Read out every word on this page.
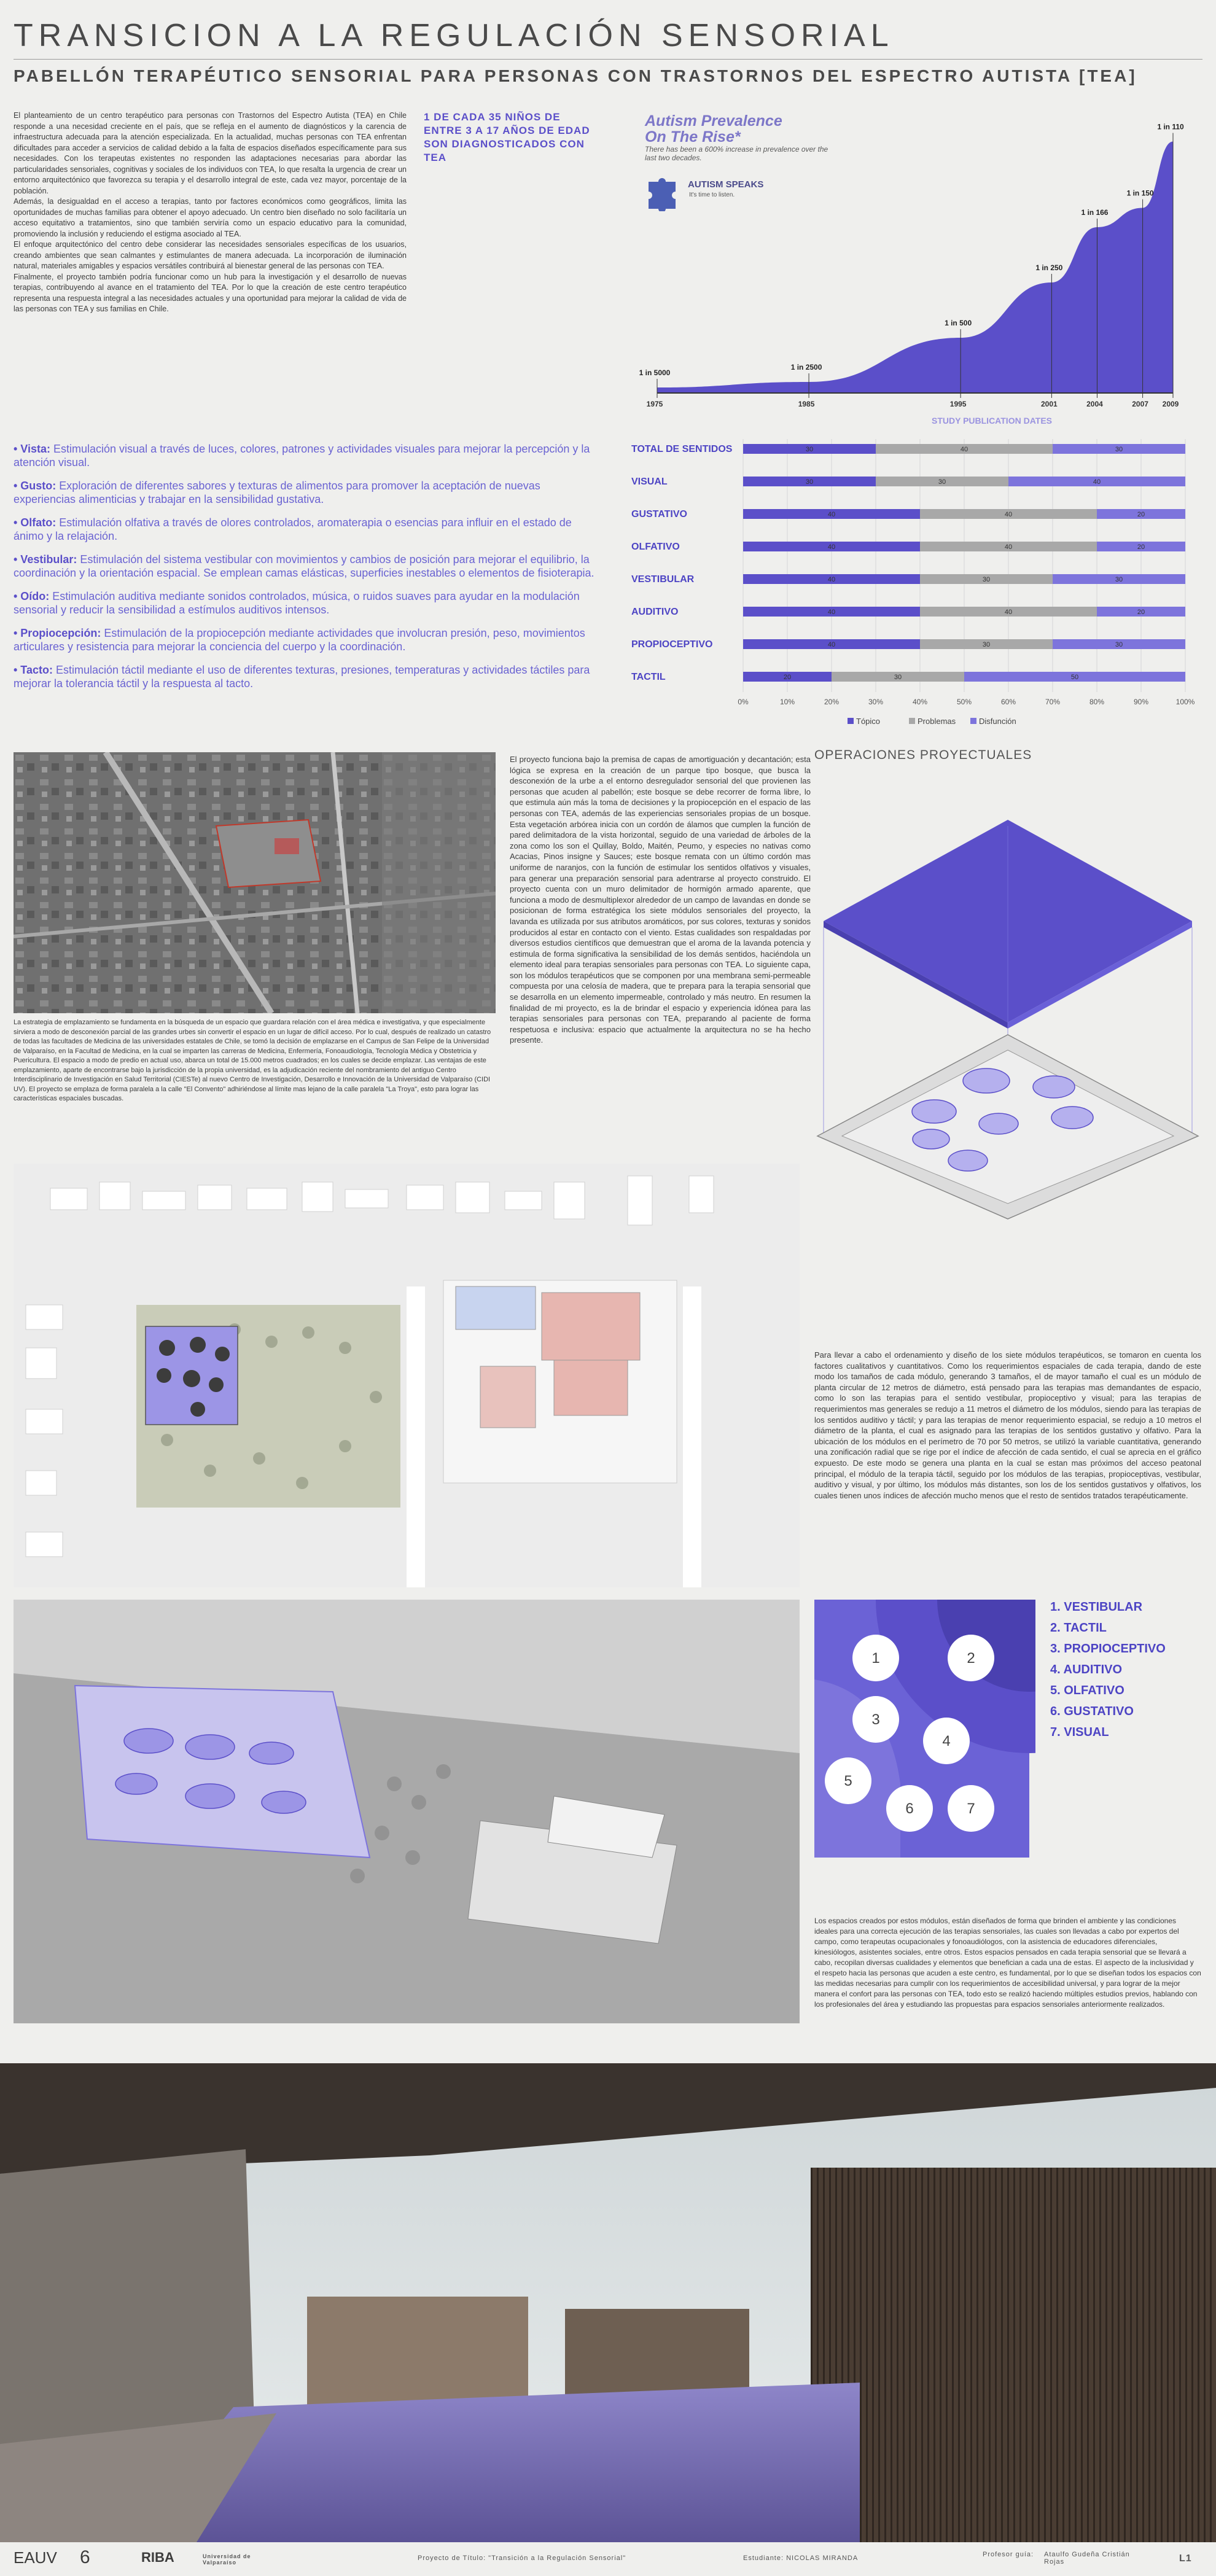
TRANSICION A LA REGULACIÓN SENSORIAL
PABELLÓN TERAPÉUTICO SENSORIAL PARA PERSONAS CON TRASTORNOS DEL ESPECTRO AUTISTA [TEA]

El planteamiento de un centro terapéutico para personas con Trastornos del Espectro Autista (TEA) en Chile responde a una necesidad creciente en el país, que se refleja en el aumento de diagnósticos y la carencia de infraestructura adecuada para la atención especializada. En la actualidad, muchas personas con TEA enfrentan dificultades para acceder a servicios de calidad debido a la falta de espacios diseñados específicamente para sus necesidades. Con los terapeutas existentes no responden las adaptaciones necesarias para abordar las particularidades sensoriales, cognitivas y sociales de los individuos con TEA, lo que resalta la urgencia de crear un entorno arquitectónico que favorezca su terapia y el desarrollo integral de este, cada vez mayor, porcentaje de la población.

Además, la desigualdad en el acceso a terapias, tanto por factores económicos como geográficos, limita las oportunidades de muchas familias para obtener el apoyo adecuado. Un centro bien diseñado no solo facilitaría un acceso equitativo a tratamientos, sino que también serviría como un espacio educativo para la comunidad, promoviendo la inclusión y reduciendo el estigma asociado al TEA.

El enfoque arquitectónico del centro debe considerar las necesidades sensoriales específicas de los usuarios, creando ambientes que sean calmantes y estimulantes de manera adecuada. La incorporación de iluminación natural, materiales amigables y espacios versátiles contribuirá al bienestar general de las personas con TEA.

Finalmente, el proyecto también podría funcionar como un hub para la investigación y el desarrollo de nuevas terapias, contribuyendo al avance en el tratamiento del TEA. Por lo que la creación de este centro terapéutico representa una respuesta integral a las necesidades actuales y una oportunidad para mejorar la calidad de vida de las personas con TEA y sus familias en Chile.

1 DE CADA 35 NIÑOS DE ENTRE 3 A 17 AÑOS DE EDAD SON DIAGNOSTICADOS CON TEA
Autism Prevalence
On The Rise*
There has been a 600% increase in prevalence over the last two decades.
AUTISM SPEAKS
It's time to listen.
1975
1 in 5000
1985
1 in 2500
1995
1 in 500
2001
1 in 250
2004
1 in 166
2007
1 in 150
2009
1 in 110
STUDY PUBLICATION DATES
• Vista: Estimulación visual a través de luces, colores, patrones y actividades visuales para mejorar la percepción y la atención visual.
• Gusto: Exploración de diferentes sabores y texturas de alimentos para promover la aceptación de nuevas experiencias alimenticias y trabajar en la sensibilidad gustativa.
• Olfato: Estimulación olfativa a través de olores controlados, aromaterapia o esencias para influir en el estado de ánimo y la relajación.
• Vestibular: Estimulación del sistema vestibular con movimientos y cambios de posición para mejorar el equilibrio, la coordinación y la orientación espacial. Se emplean camas elásticas, superficies inestables o elementos de fisioterapia.
• Oído: Estimulación auditiva mediante sonidos controlados, música, o ruidos suaves para ayudar en la modulación sensorial y reducir la sensibilidad a estímulos auditivos intensos.
• Propiocepción: Estimulación de la propiocepción mediante actividades que involucran presión, peso, movimientos articulares y resistencia para mejorar la conciencia del cuerpo y la coordinación.
• Tacto: Estimulación táctil mediante el uso de diferentes texturas, presiones, temperaturas y actividades táctiles para mejorar la tolerancia táctil y la respuesta al tacto.
0%	10%	20%	30%	40%	50%	60%	70%	80%	90%	100%
TOTAL DE SENTIDOS	30	40	30
VISUAL	30	30	40
GUSTATIVO	40	40	20
OLFATIVO	40	40	20
VESTIBULAR	40	30	30
AUDITIVO	40	40	20
PROPIOCEPTIVO	40	30	30
TACTIL	20	30	50
Tópico	Problemas	Disfunción
La estrategia de emplazamiento se fundamenta en la búsqueda de un espacio que guardara relación con el área médica e investigativa, y que especialmente sirviera a modo de desconexión parcial de las grandes urbes sin convertir el espacio en un lugar de difícil acceso. Por lo cual, después de realizado un catastro de todas las facultades de Medicina de las universidades estatales de Chile, se tomó la decisión de emplazarse en el Campus de San Felipe de la Universidad de Valparaíso, en la Facultad de Medicina, en la cual se imparten las carreras de Medicina, Enfermería, Fonoaudiología, Tecnología Médica y Obstetricia y Puericultura. El espacio a modo de predio en actual uso, abarca un total de 15.000 metros cuadrados; en los cuales se decide emplazar. Las ventajas de este emplazamiento, aparte de encontrarse bajo la jurisdicción de la propia universidad, es la adjudicación reciente del nombramiento del antiguo Centro Interdisciplinario de Investigación en Salud Territorial (CIESTe) al nuevo Centro de Investigación, Desarrollo e Innovación de la Universidad de Valparaíso (CIDI UV). El proyecto se emplaza de forma paralela a la calle "El Convento" adhiriéndose al límite mas lejano de la calle paralela "La Troya", esto para lograr las características espaciales buscadas.
El proyecto funciona bajo la premisa de capas de amortiguación y decantación; esta lógica se expresa en la creación de un parque tipo bosque, que busca la desconexión de la urbe a el entorno desregulador sensorial del que provienen las personas que acuden al pabellón; este bosque se debe recorrer de forma libre, lo que estimula aún más la toma de decisiones y la propiocepción en el espacio de las personas con TEA, además de las experiencias sensoriales propias de un bosque. Esta vegetación arbórea inicia con un cordón de álamos que cumplen la función de pared delimitadora de la vista horizontal, seguido de una variedad de árboles de la zona como los son el Quillay, Boldo, Maitén, Peumo, y especies no nativas como Acacias, Pinos insigne y Sauces; este bosque remata con un último cordón mas uniforme de naranjos, con la función de estimular los sentidos olfativos y visuales, para generar una preparación sensorial para adentrarse al proyecto construido. El proyecto cuenta con un muro delimitador de hormigón armado aparente, que funciona a modo de desmultiplexor alrededor de un campo de lavandas en donde se posicionan de forma estratégica los siete módulos sensoriales del proyecto, la lavanda es utilizada por sus atributos aromáticos, por sus colores, texturas y sonidos producidos al estar en contacto con el viento. Estas cualidades son respaldadas por diversos estudios científicos que demuestran que el aroma de la lavanda potencia y estimula de forma significativa la sensibilidad de los demás sentidos, haciéndola un elemento ideal para terapias sensoriales para personas con TEA. Lo siguiente capa, son los módulos terapéuticos que se componen por una membrana semi-permeable compuesta por una celosía de madera, que te prepara para la terapia sensorial que se desarrolla en un elemento impermeable, controlado y más neutro. En resumen la finalidad de mi proyecto, es la de brindar el espacio y experiencia idónea para las terapias sensoriales para personas con TEA, preparando al paciente de forma respetuosa e inclusiva: espacio que actualmente la arquitectura no se ha hecho presente.
OPERACIONES PROYECTUALES
Para llevar a cabo el ordenamiento y diseño de los siete módulos terapéuticos, se tomaron en cuenta los factores cualitativos y cuantitativos. Como los requerimientos espaciales de cada terapia, dando de este modo los tamaños de cada módulo, generando 3 tamaños, el de mayor tamaño el cual es un módulo de planta circular de 12 metros de diámetro, está pensado para las terapias mas demandantes de espacio, como lo son las terapias para el sentido vestibular, propioceptivo y visual; para las terapias de requerimientos mas generales se redujo a 11 metros el diámetro de los módulos, siendo para las terapias de los sentidos auditivo y táctil; y para las terapias de menor requerimiento espacial, se redujo a 10 metros el diámetro de la planta, el cual es asignado para las terapias de los sentidos gustativo y olfativo. Para la ubicación de los módulos en el perímetro de 70 por 50 metros, se utilizó la variable cuantitativa, generando una zonificación radial que se rige por el índice de afección de cada sentido, el cual se aprecia en el gráfico expuesto. De este modo se genera una planta en la cual se estan mas próximos del acceso peatonal principal, el módulo de la terapia táctil, seguido por los módulos de las terapias, propioceptivas, vestibular, auditivo y visual, y por último, los módulos más distantes, son los de los sentidos gustativos y olfativos, los cuales tienen unos índices de afección mucho menos que el resto de sentidos tratados terapéuticamente.
1	2
3
4
5
6	7
1. VESTIBULAR
2. TACTIL
3. PROPIOCEPTIVO
4. AUDITIVO
5. OLFATIVO
6. GUSTATIVO
7. VISUAL
Los espacios creados por estos módulos, están diseñados de forma que brinden el ambiente y las condiciones ideales para una correcta ejecución de las terapias sensoriales, las cuales son llevadas a cabo por expertos del campo, como terapeutas ocupacionales y fonoaudiólogos, con la asistencia de educadores diferenciales, kinesiólogos, asistentes sociales, entre otros. Estos espacios pensados en cada terapia sensorial que se llevará a cabo, recopilan diversas cualidades y elementos que benefician a cada una de estas. El aspecto de la inclusividad y el respeto hacia las personas que acuden a este centro, es fundamental, por lo que se diseñan todos los espacios con las medidas necesarias para cumplir con los requerimientos de accesibilidad universal, y para lograr de la mejor manera el confort para las personas con TEA, todo esto se realizó haciendo múltiples estudios previos, hablando con los profesionales del área y estudiando las propuestas para espacios sensoriales anteriormente realizados.
EAUV 6	RIBA	Universidad de Valparaíso
Proyecto de Título: "Transición a la Regulación Sensorial"	Estudiante: NICOLAS MIRANDA	Profesor guía: Ataulfo Gudeña Cristián Rojas	L1
